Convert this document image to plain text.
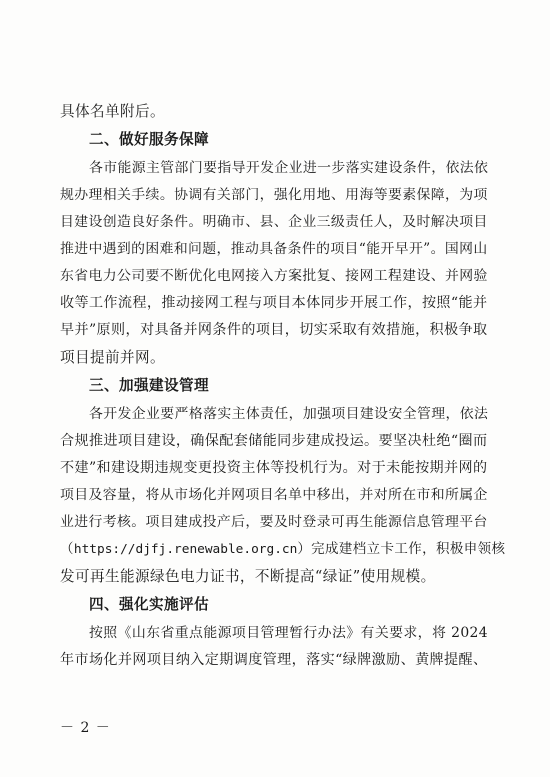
具体名单附后。
二、做好服务保障
各市能源主管部门要指导开发企业进一步落实建设条件，依法依
规办理相关手续。协调有关部门，强化用地、用海等要素保障，为项
目建设创造良好条件。明确市、县、企业三级责任人，及时解决项目
推进中遇到的困难和问题，推动具备条件的项目“能开早开”。国网山
东省电力公司要不断优化电网接入方案批复、接网工程建设、并网验
收等工作流程，推动接网工程与项目本体同步开展工作，按照“能并
早并”原则，对具备并网条件的项目，切实采取有效措施，积极争取
项目提前并网。
三、加强建设管理
各开发企业要严格落实主体责任，加强项目建设安全管理，依法
合规推进项目建设，确保配套储能同步建成投运。要坚决杜绝“圈而
不建”和建设期违规变更投资主体等投机行为。对于未能按期并网的
项目及容量，将从市场化并网项目名单中移出，并对所在市和所属企
业进行考核。项目建成投产后，要及时登录可再生能源信息管理平台
（https://djfj.renewable.org.cn）完成建档立卡工作，积极申领核
发可再生能源绿色电力证书，不断提高“绿证”使用规模。
四、强化实施评估
按照《山东省重点能源项目管理暂行办法》有关要求，将 2024
年市场化并网项目纳入定期调度管理，落实“绿牌激励、黄牌提醒、
－ 2 －
